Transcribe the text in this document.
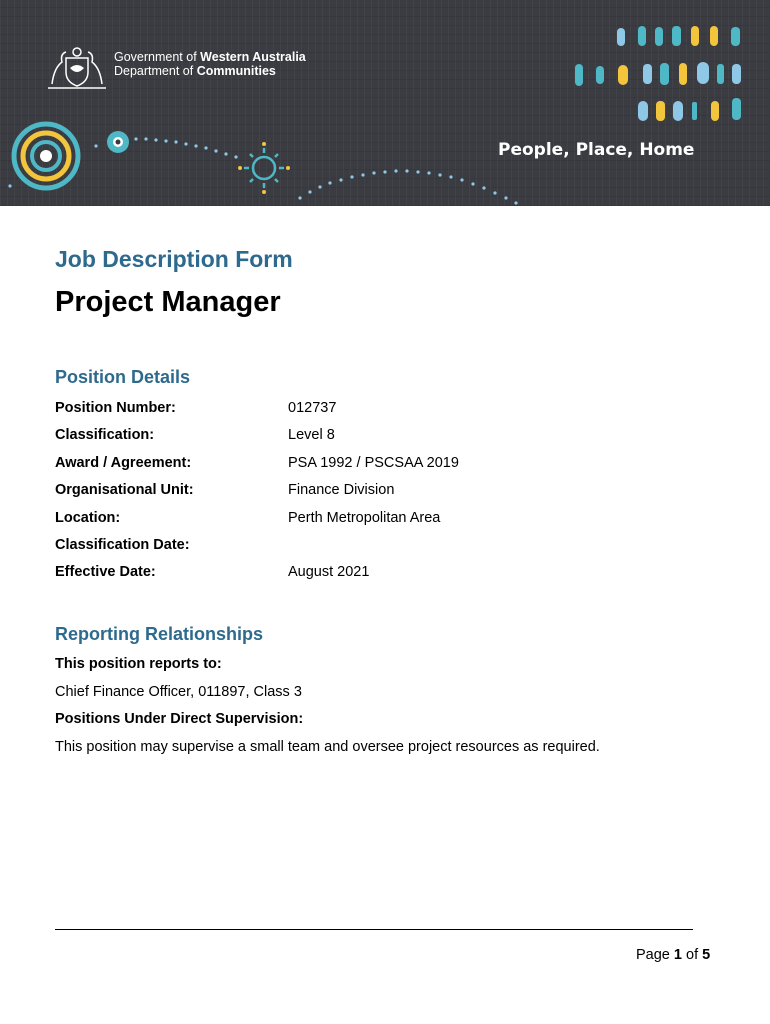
Government of Western Australia
Department of Communities
People, Place, Home
Job Description Form
Project Manager
Position Details
Position Number:	012737
Classification:	Level 8
Award / Agreement:	PSA 1992 / PSCSAA 2019
Organisational Unit:	Finance Division
Location:	Perth Metropolitan Area
Classification Date:
Effective Date:	August 2021
Reporting Relationships
This position reports to:
Chief Finance Officer, 011897, Class 3
Positions Under Direct Supervision:
This position may supervise a small team and oversee project resources as required.
Page 1 of 5
